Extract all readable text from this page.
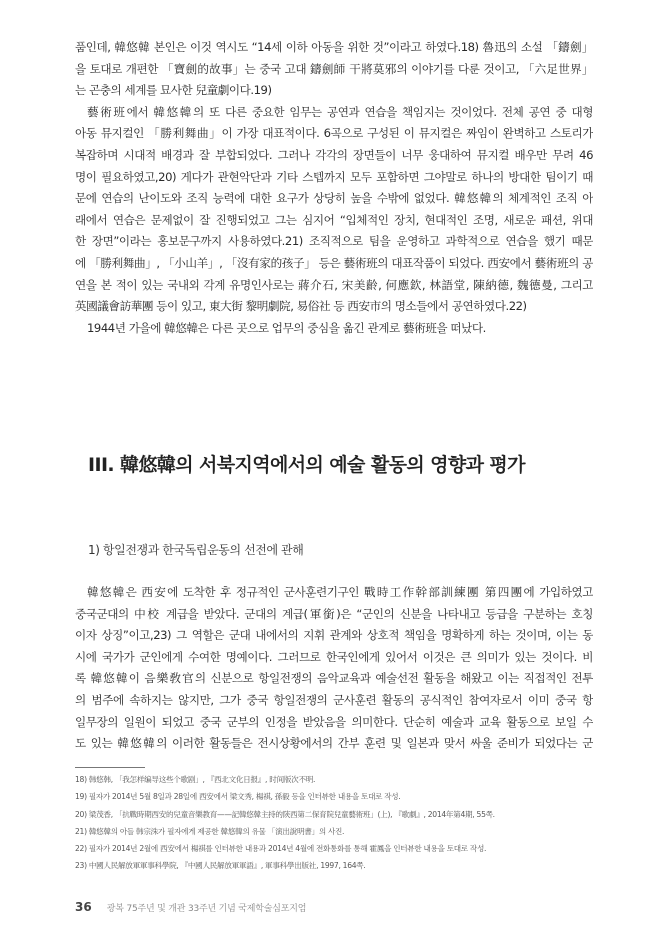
품인데, 韓悠韓 본인은 이것 역시도 “14세 이하 아동을 위한 것”이라고 하였다.18) 魯迅의 소설 「鑄劍」
을 토대로 개편한 「寶劍的故事」는 중국 고대 鑄劍師 干將莫邪의 이야기를 다룬 것이고, 「六足世界」
는 곤충의 세계를 묘사한 兒童劇이다.19)
藝術班에서 韓悠韓의 또 다른 중요한 임무는 공연과 연습을 책임지는 것이었다. 전체 공연 중 대형
아동 뮤지컬인 「勝利舞曲」이 가장 대표적이다. 6곡으로 구성된 이 뮤지컬은 짜임이 완벽하고 스토리가
복잡하며 시대적 배경과 잘 부합되었다. 그러나 각각의 장면들이 너무 웅대하여 뮤지컬 배우만 무려 46
명이 필요하였고,20) 게다가 관현악단과 기타 스텝까지 모두 포함하면 그야말로 하나의 방대한 팀이기 때
문에 연습의 난이도와 조직 능력에 대한 요구가 상당히 높을 수밖에 없었다. 韓悠韓의 체계적인 조직 아
래에서 연습은 문제없이 잘 진행되었고 그는 심지어 “입체적인 장치, 현대적인 조명, 새로운 패션, 위대
한 장면”이라는 홍보문구까지 사용하였다.21) 조직적으로 팀을 운영하고 과학적으로 연습을 했기 때문
에 「勝利舞曲」, 「小山羊」, 「沒有家的孩子」 등은 藝術班의 대표작품이 되었다. 西安에서 藝術班의 공
연을 본 적이 있는 국내외 각계 유명인사로는 蔣介石, 宋美齡, 何應欽, 林語堂, 陳納德, 魏德曼, 그리고
英國議會訪華團 등이 있고, 東大街 黎明劇院, 易俗社 등 西安市의 명소들에서 공연하였다.22)
1944년 가을에 韓悠韓은 다른 곳으로 업무의 중심을 옮긴 관계로 藝術班을 떠났다.
III. 韓悠韓의 서북지역에서의 예술 활동의 영향과 평가
1) 항일전쟁과 한국독립운동의 선전에 관해
韓悠韓은 西安에 도착한 후 정규적인 군사훈련기구인 戰時工作幹部訓練團 第四團에 가입하였고
중국군대의 中校 계급을 받았다. 군대의 계급(軍銜)은 “군인의 신분을 나타내고 등급을 구분하는 호칭
이자 상징”이고,23) 그 역할은 군대 내에서의 지휘 관계와 상호적 책임을 명확하게 하는 것이며, 이는 동
시에 국가가 군인에게 수여한 명예이다. 그러므로 한국인에게 있어서 이것은 큰 의미가 있는 것이다. 비
록 韓悠韓이 음樂敎官의 신분으로 항일전쟁의 음악교육과 예술선전 활동을 해왔고 이는 직접적인 전투
의 범주에 속하지는 않지만, 그가 중국 항일전쟁의 군사훈련 활동의 공식적인 참여자로서 이미 중국 항
일무장의 일원이 되었고 중국 군부의 인정을 받았음을 의미한다. 단순히 예술과 교육 활동으로 보일 수
도 있는 韓悠韓의 이러한 활동들은 전시상황에서의 간부 훈련 및 일본과 맞서 싸울 준비가 되었다는 군
18) 韩悠韩, 「我怎样编导这些个歌剧」, 『西北文化日报』, 时间版次不明.
19) 필자가 2014년 5월 8일과 28일에 西安에서 梁文秀, 楊祺, 孫毅 등을 인터뷰한 내용을 토대로 작성.
20) 梁茂香, 「抗戰時期西安的兒童音樂教育——記韓悠韓主持的陝西第二保育院兒童藝術班」(上), 『歌劇』, 2014年第4期, 55쪽.
21) 韓悠韓의 아들 韩宗洙가 필자에게 제공한 韓悠韓의 유물 「演出說明書」의 사진.
22) 필자가 2014년 2월에 西安에서 楊祺를 인터뷰한 내용과 2014년 4월에 전화통화를 통해 霍鳳을 인터뷰한 내용을 토대로 작성.
23) 中國人民解放軍軍事科學院, 『中國人民解放軍軍語』, 軍事科學出版社, 1997, 164쪽.
36 광복 75주년 및 개관 33주년 기념 국제학술심포지엄
